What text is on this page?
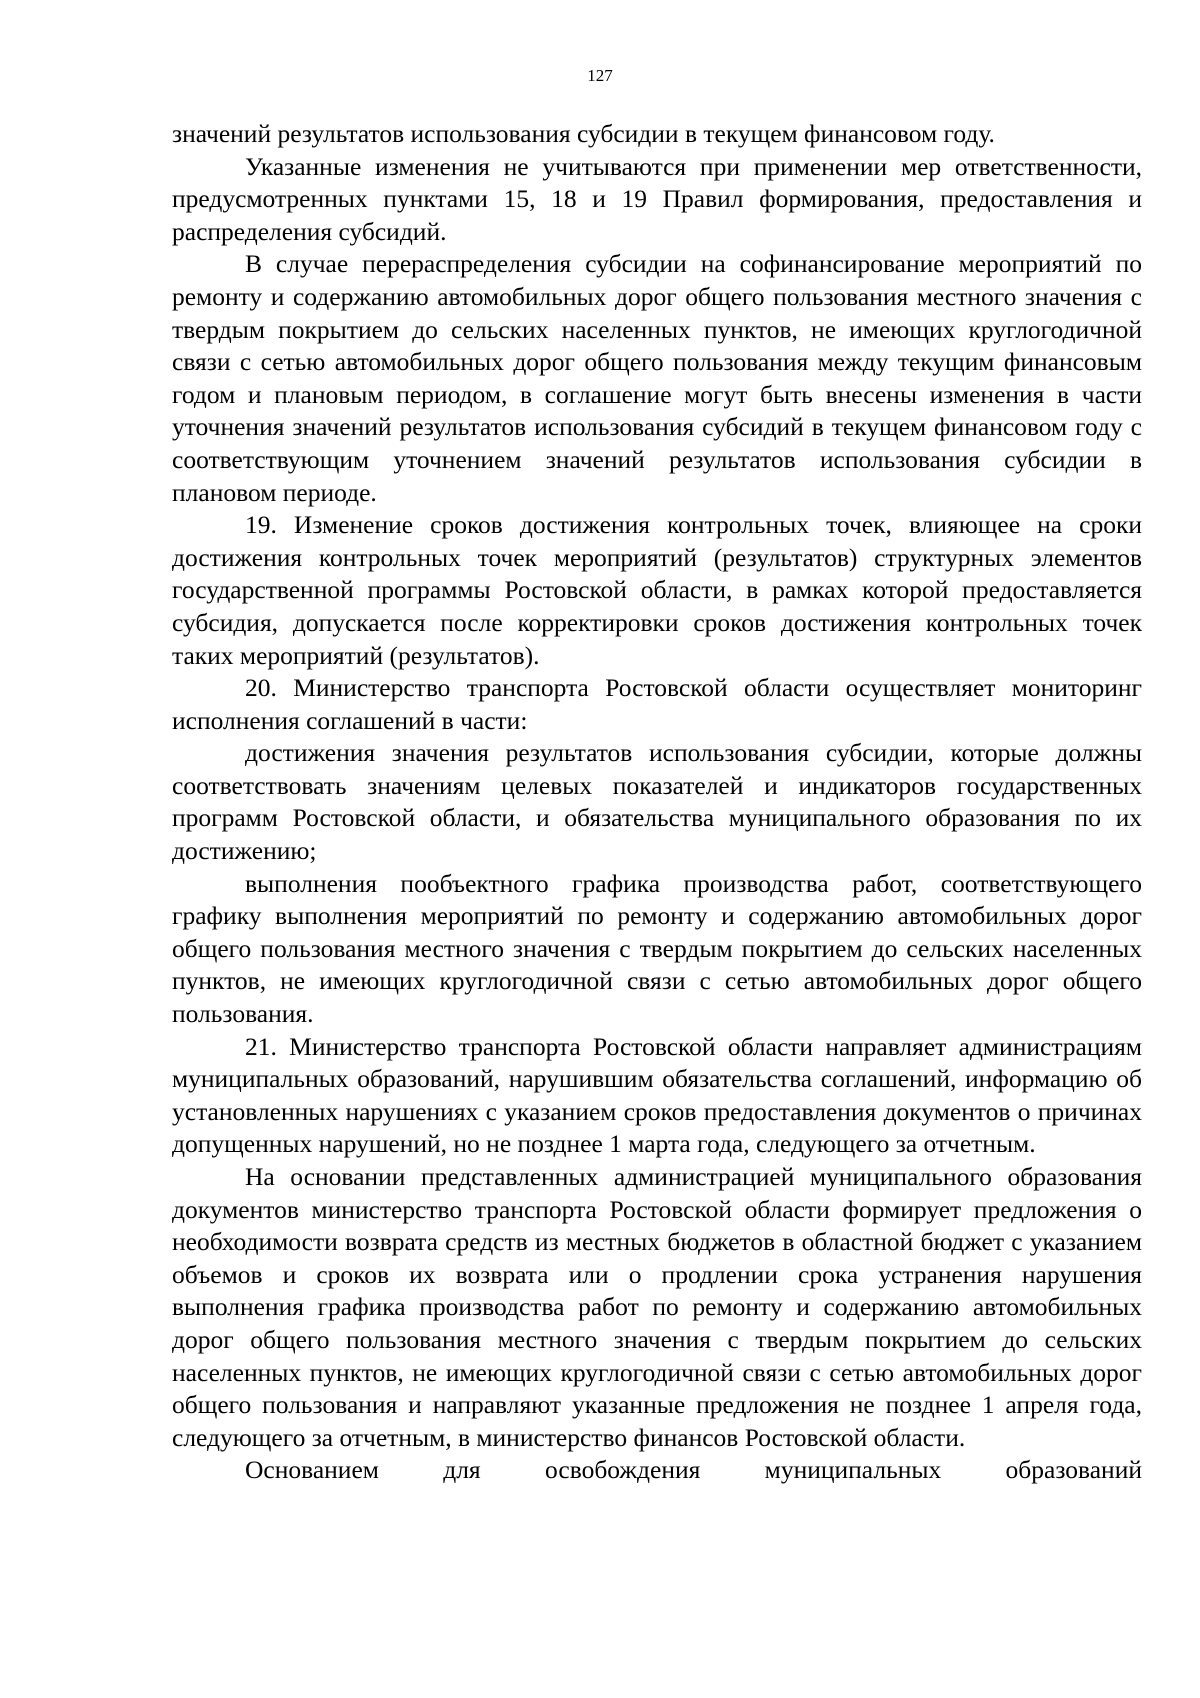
127

значений результатов использования субсидии в текущем финансовом году.

Указанные изменения не учитываются при применении мер ответственности, предусмотренных пунктами 15, 18 и 19 Правил формирования, предоставления и распределения субсидий.

В случае перераспределения субсидии на софинансирование мероприятий по ремонту и содержанию автомобильных дорог общего пользования местного значения с твердым покрытием до сельских населенных пунктов, не имеющих круглогодичной связи с сетью автомобильных дорог общего пользования между текущим финансовым годом и плановым периодом, в соглашение могут быть внесены изменения в части уточнения значений результатов использования субсидий в текущем финансовом году с соответствующим уточнением значений результатов использования субсидии в плановом периоде.

19. Изменение сроков достижения контрольных точек, влияющее на сроки достижения контрольных точек мероприятий (результатов) структурных элементов государственной программы Ростовской области, в рамках которой предоставляется субсидия, допускается после корректировки сроков достижения контрольных точек таких мероприятий (результатов).

20. Министерство транспорта Ростовской области осуществляет мониторинг исполнения соглашений в части:

достижения значения результатов использования субсидии, которые должны соответствовать значениям целевых показателей и индикаторов государственных программ Ростовской области, и обязательства муниципального образования по их достижению;

выполнения пообъектного графика производства работ, соответствующего графику выполнения мероприятий по ремонту и содержанию автомобильных дорог общего пользования местного значения с твердым покрытием до сельских населенных пунктов, не имеющих круглогодичной связи с сетью автомобильных дорог общего пользования.

21. Министерство транспорта Ростовской области направляет администрациям муниципальных образований, нарушившим обязательства соглашений, информацию об установленных нарушениях с указанием сроков предоставления документов о причинах допущенных нарушений, но не позднее 1 марта года, следующего за отчетным.

На основании представленных администрацией муниципального образования документов министерство транспорта Ростовской области формирует предложения о необходимости возврата средств из местных бюджетов в областной бюджет с указанием объемов и сроков их возврата или о продлении срока устранения нарушения выполнения графика производства работ по ремонту и содержанию автомобильных дорог общего пользования местного значения с твердым покрытием до сельских населенных пунктов, не имеющих круглогодичной связи с сетью автомобильных дорог общего пользования и направляют указанные предложения не позднее 1 апреля года, следующего за отчетным, в министерство финансов Ростовской области.

Основанием для освобождения муниципальных образований
